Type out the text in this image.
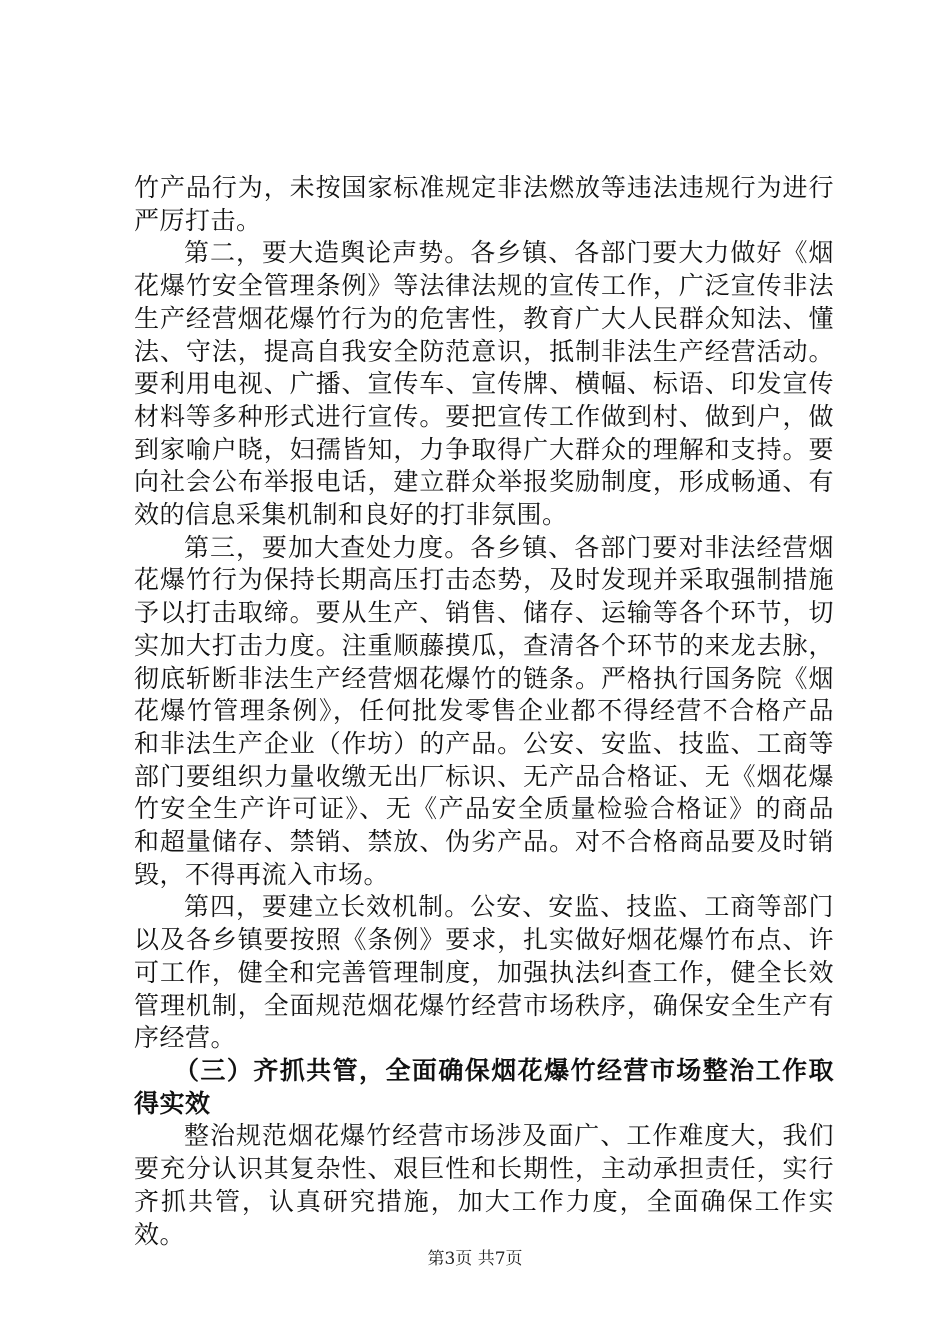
竹产品行为，未按国家标准规定非法燃放等违法违规行为进行严厉打击。

第二，要大造舆论声势。各乡镇、各部门要大力做好《烟花爆竹安全管理条例》等法律法规的宣传工作，广泛宣传非法生产经营烟花爆竹行为的危害性，教育广大人民群众知法、懂法、守法，提高自我安全防范意识，抵制非法生产经营活动。要利用电视、广播、宣传车、宣传牌、横幅、标语、印发宣传材料等多种形式进行宣传。要把宣传工作做到村、做到户，做到家喻户晓，妇孺皆知，力争取得广大群众的理解和支持。要向社会公布举报电话，建立群众举报奖励制度，形成畅通、有效的信息采集机制和良好的打非氛围。

第三，要加大查处力度。各乡镇、各部门要对非法经营烟花爆竹行为保持长期高压打击态势，及时发现并采取强制措施予以打击取缔。要从生产、销售、储存、运输等各个环节，切实加大打击力度。注重顺藤摸瓜，查清各个环节的来龙去脉，彻底斩断非法生产经营烟花爆竹的链条。严格执行国务院《烟花爆竹管理条例》，任何批发零售企业都不得经营不合格产品和非法生产企业（作坊）的产品。公安、安监、技监、工商等部门要组织力量收缴无出厂标识、无产品合格证、无《烟花爆竹安全生产许可证》、无《产品安全质量检验合格证》的商品和超量储存、禁销、禁放、伪劣产品。对不合格商品要及时销毁，不得再流入市场。

第四，要建立长效机制。公安、安监、技监、工商等部门以及各乡镇要按照《条例》要求，扎实做好烟花爆竹布点、许可工作，健全和完善管理制度，加强执法纠查工作，健全长效管理机制，全面规范烟花爆竹经营市场秩序，确保安全生产有序经营。

（三）齐抓共管，全面确保烟花爆竹经营市场整治工作取得实效

整治规范烟花爆竹经营市场涉及面广、工作难度大，我们要充分认识其复杂性、艰巨性和长期性，主动承担责任，实行齐抓共管，认真研究措施，加大工作力度，全面确保工作实效。

第3页 共7页
